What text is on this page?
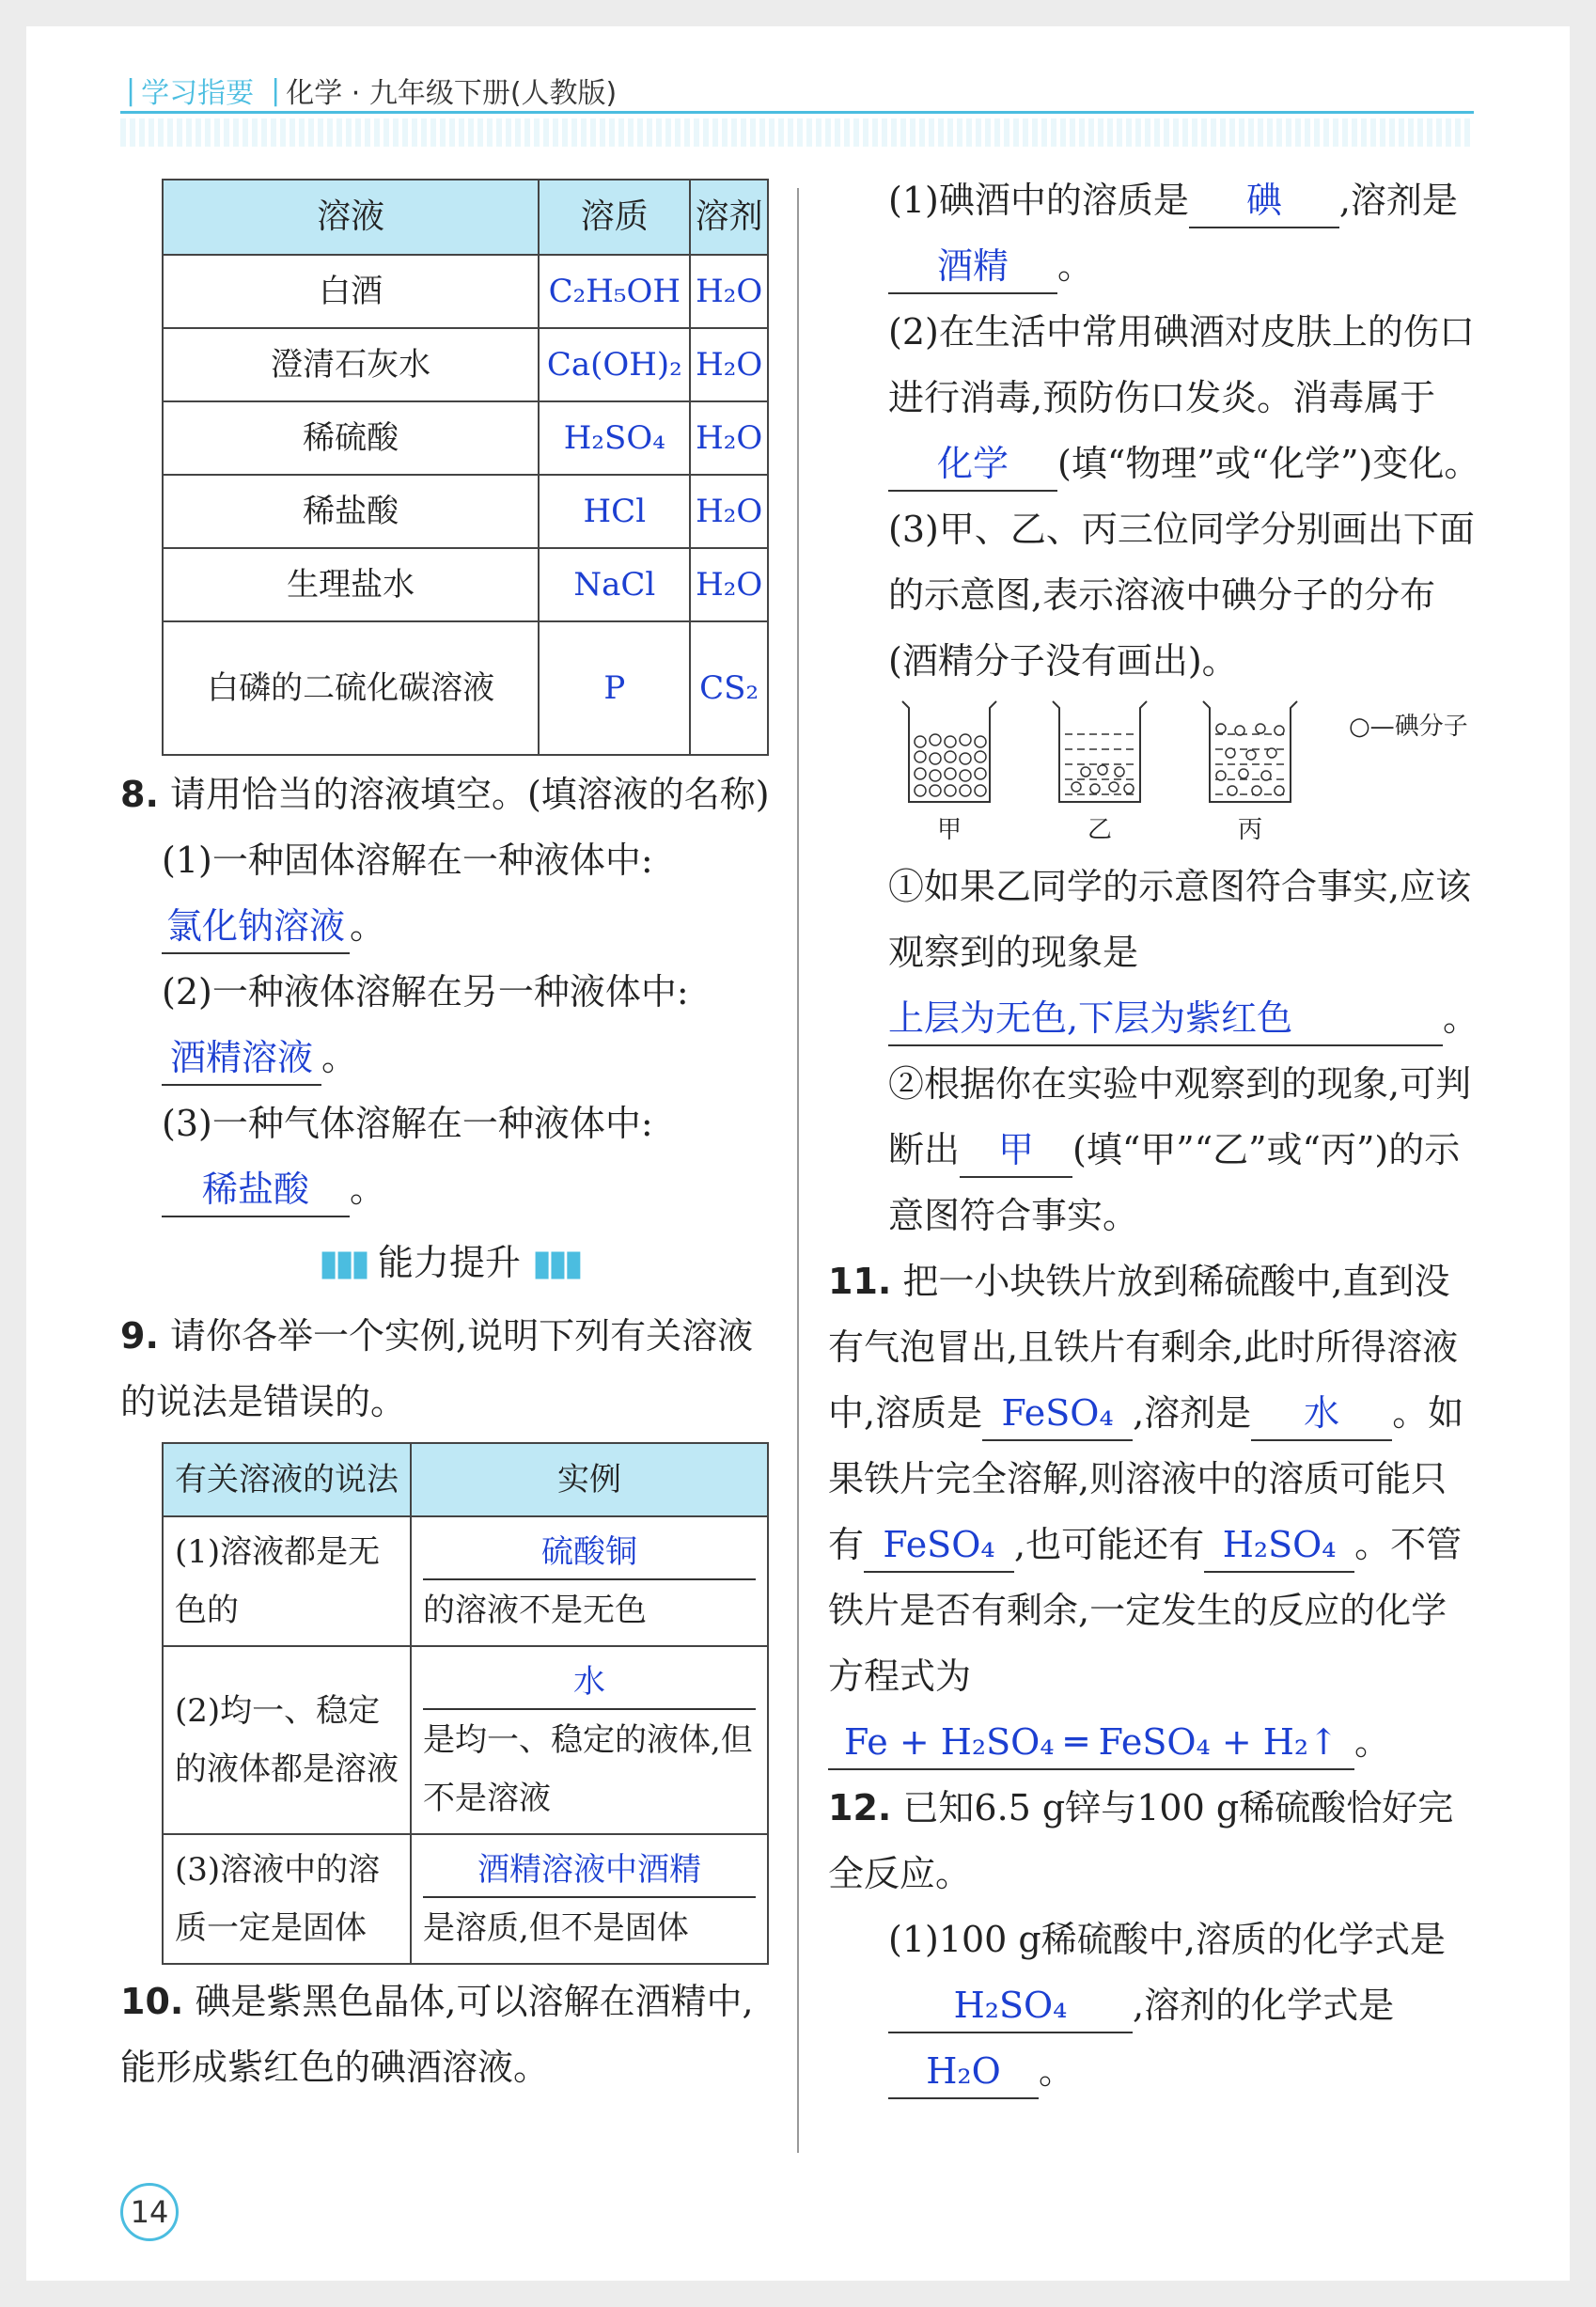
| 学习指要 | 化学 · 九年级下册(人教版)
溶液	溶质	溶剂
白酒	C₂H₅OH	H₂O
澄清石灰水	Ca(OH)₂	H₂O
稀硫酸	H₂SO₄	H₂O
稀盐酸	HCl	H₂O
生理盐水	NaCl	H₂O
白磷的二硫化碳溶液	P	CS₂

8. 请用恰当的溶液填空。(填溶液的名称)

(1)一种固体溶解在一种液体中:
氯化钠溶液 。

(2)一种液体溶解在另一种液体中:
酒精溶液 。

(3)一种气体溶解在一种液体中:
稀盐酸 。

▮▮▮ 能力提升 ▮▮▮

9. 请你各举一个实例,说明下列有关溶液的说法是错误的。

有关溶液的说法	实例
(1)溶液都是无色的	硫酸铜
的溶液不是无色

(2)均一、稳定的液体都是溶液	水
是均一、稳定的液体,但不是溶液

(3)溶液中的溶质一定是固体	酒精溶液中酒精
是溶质,但不是固体

10. 碘是紫黑色晶体,可以溶解在酒精中,能形成紫红色的碘酒溶液。

(1)碘酒中的溶质是 碘 ,溶剂是酒精 。

(2)在生活中常用碘酒对皮肤上的伤口进行消毒,预防伤口发炎。消毒属于化学 (填“物理”或“化学”)变化。

(3)甲、乙、丙三位同学分别画出下面的示意图,表示溶液中碘分子的分布(酒精分子没有画出)。

甲	乙	丙
○—碘分子

①如果乙同学的示意图符合事实,应该观察到的现象是上层为无色,下层为紫红色	。

②根据你在实验中观察到的现象,可判断出 甲 (填“甲”“乙”或“丙”)的示意图符合事实。

11. 把一小块铁片放到稀硫酸中,直到没有气泡冒出,且铁片有剩余,此时所得溶液中,溶质是 FeSO₄ ,溶剂是 水 。如果铁片完全溶解,则溶液中的溶质可能只有 FeSO₄ ,也可能还有 H₂SO₄ 。不管铁片是否有剩余,一定发生的反应的化学方程式为Fe + H₂SO₄ ═ FeSO₄ + H₂↑ 。

12. 已知6.5 g锌与100 g稀硫酸恰好完全反应。

(1)100 g稀硫酸中,溶质的化学式是H₂SO₄ ,溶剂的化学式是H₂O 。

14
